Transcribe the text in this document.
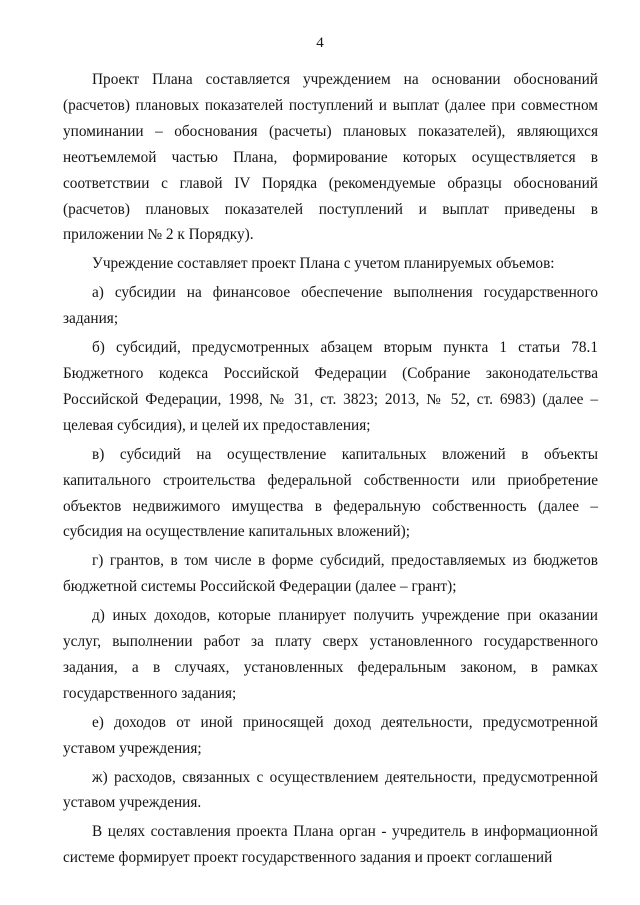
4

Проект Плана составляется учреждением на основании обоснований (расчетов) плановых показателей поступлений и выплат (далее при совместном упоминании – обоснования (расчеты) плановых показателей), являющихся неотъемлемой частью Плана, формирование которых осуществляется в соответствии с главой IV Порядка (рекомендуемые образцы обоснований (расчетов) плановых показателей поступлений и выплат приведены в приложении № 2 к Порядку).

Учреждение составляет проект Плана с учетом планируемых объемов:

а) субсидии на финансовое обеспечение выполнения государственного задания;

б) субсидий, предусмотренных абзацем вторым пункта 1 статьи 78.1 Бюджетного кодекса Российской Федерации (Собрание законодательства Российской Федерации, 1998, № 31, ст. 3823; 2013, № 52, ст. 6983) (далее – целевая субсидия), и целей их предоставления;

в) субсидий на осуществление капитальных вложений в объекты капитального строительства федеральной собственности или приобретение объектов недвижимого имущества в федеральную собственность (далее – субсидия на осуществление капитальных вложений);

г) грантов, в том числе в форме субсидий, предоставляемых из бюджетов бюджетной системы Российской Федерации (далее – грант);

д) иных доходов, которые планирует получить учреждение при оказании услуг, выполнении работ за плату сверх установленного государственного задания, а в случаях, установленных федеральным законом, в рамках государственного задания;

е) доходов от иной приносящей доход деятельности, предусмотренной уставом учреждения;

ж) расходов, связанных с осуществлением деятельности, предусмотренной уставом учреждения.

В целях составления проекта Плана орган - учредитель в информационной системе формирует проект государственного задания и проект соглашений
